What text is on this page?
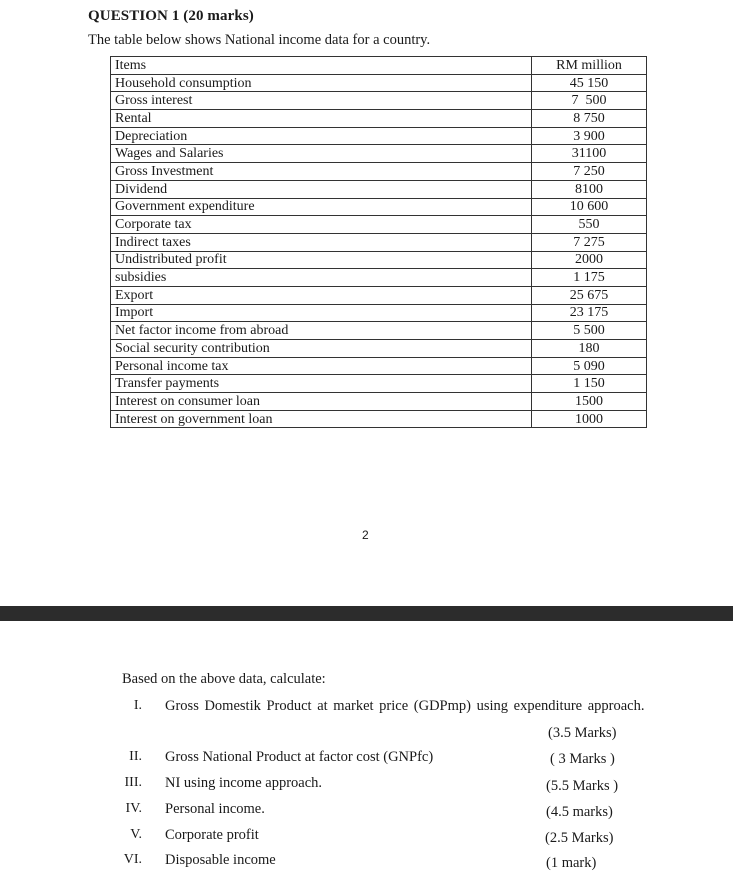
QUESTION 1 (20 marks)
The table below shows National income data for a country.
Items	RM million
Household consumption	45 150
Gross interest	7  500
Rental	8 750
Depreciation	3 900
Wages and Salaries	31100
Gross Investment	7 250
Dividend	8100
Government expenditure	10 600
Corporate tax	550
Indirect taxes	7 275
Undistributed profit	2000
subsidies	1 175
Export	25 675
Import	23 175
Net factor income from abroad	5 500
Social security contribution	180
Personal income tax	5 090
Transfer payments	1 150
Interest on consumer loan	1500
Interest on government loan	1000
2
Based on the above data, calculate:
I. Gross Domestik Product at market price (GDPmp) using expenditure approach.
(3.5 Marks)
II. Gross National Product at factor cost (GNPfc)	( 3 Marks )
III. NI using income approach.	(5.5 Marks )
IV. Personal income.	(4.5 marks)
V. Corporate profit	(2.5 Marks)
VI. Disposable income	(1 mark)
